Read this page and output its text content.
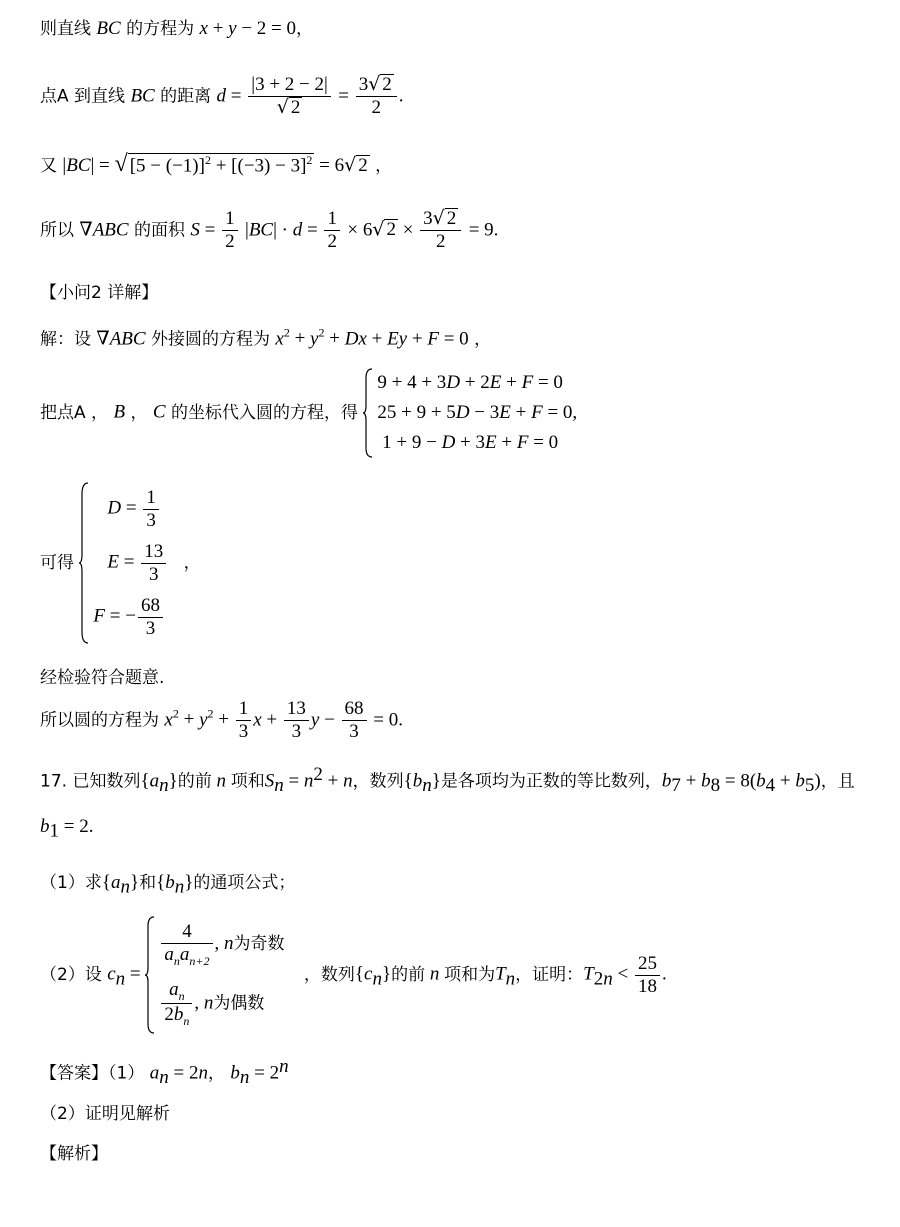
则直线 BC 的方程为 x + y − 2 = 0，
点A 到直线 BC 的距离 $d = \frac{|3 + 2 - 2|}{√ 2} = \frac{3√ 2}{2}$ .
又 |BC| = √ $[5 - (-1)]^2 + [(-3) - 3]^2 = 6√$ 2 ，
所以 ∇ABC 的面积 $S = \frac{1}{2} |BC| \cdot d = \frac{1}{2} \times 6√$ $2 \times \frac{3√ 2}{2} = 9$.
【小问2 详解】
解：设 ∇ABC 外接圆的方程为 $x^2 + y^2 + Dx + Ey + F = 0$ ，
把点A ， B ， C 的坐标代入圆的方程，得
9 + 4 + 3D + 2E + F = 0
25 + 9 + 5D − 3E + F = 0,
1 + 9 − D + 3E + F = 0
可得
$D = \frac{1}{3}$
$E = \frac{13}{3}$
F = − $\frac{68}{3}$
，
经检验符合题意.
所以圆的方程为 $x^2 + y^2 + \frac{1}{3}$ $x + \frac{13}{3}$ $y - \frac{68}{3} = 0$.
17. 已知数列$\{a_n\}$的前 n 项和$S_n = n^2 + n$，数列$\{b_n\}$是各项均为正数的等比数列，$b_7 + b_8 = 8(b_4 + b_5)$，且
$b_1 = 2$.
（1）求$\{a_n\}$和$\{b_n\}$的通项公式；
（2）设 $c_n$ =
$\frac{4}{a_na_{n+2}}$ , n为奇数
$\frac{a_n}{2b_n}$ , n为偶数
，数列$\{c_n\}$的前 n 项和为$T_n$，证明：$T_{2n} < \frac{25}{18}$ .
【答案】（1） $a_n = 2n$， $b_n = 2^n$
（2）证明见解析
【解析】
